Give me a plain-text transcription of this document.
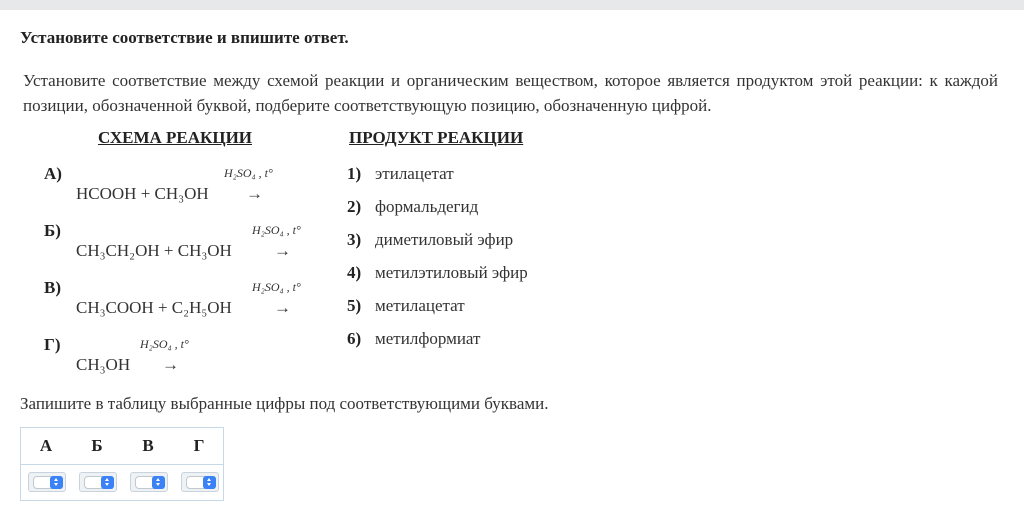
Установите соответствие и впишите ответ.
Установите соответствие между схемой реакции и органическим веществом, которое является продуктом этой реакции: к каждой позиции, обозначенной буквой, подберите соответствующую позицию, обозначенную цифрой.
СХЕМА РЕАКЦИИ	ПРОДУКТ РЕАКЦИИ
А)	H₂SO₄ , t°
HCOOH + CH₃OH →
Б)	H₂SO₄ , t°
CH₃CH₂OH + CH₃OH →
В)	H₂SO₄ , t°
CH₃COOH + C₂H₅OH →
Г)	H₂SO₄ , t°
CH₃OH →
1) этилацетат
2) формальдегид
3) диметиловый эфир
4) метилэтиловый эфир
5) метилацетат
6) метилформиат
Запишите в таблицу выбранные цифры под соответствующими буквами.
А Б В Г
